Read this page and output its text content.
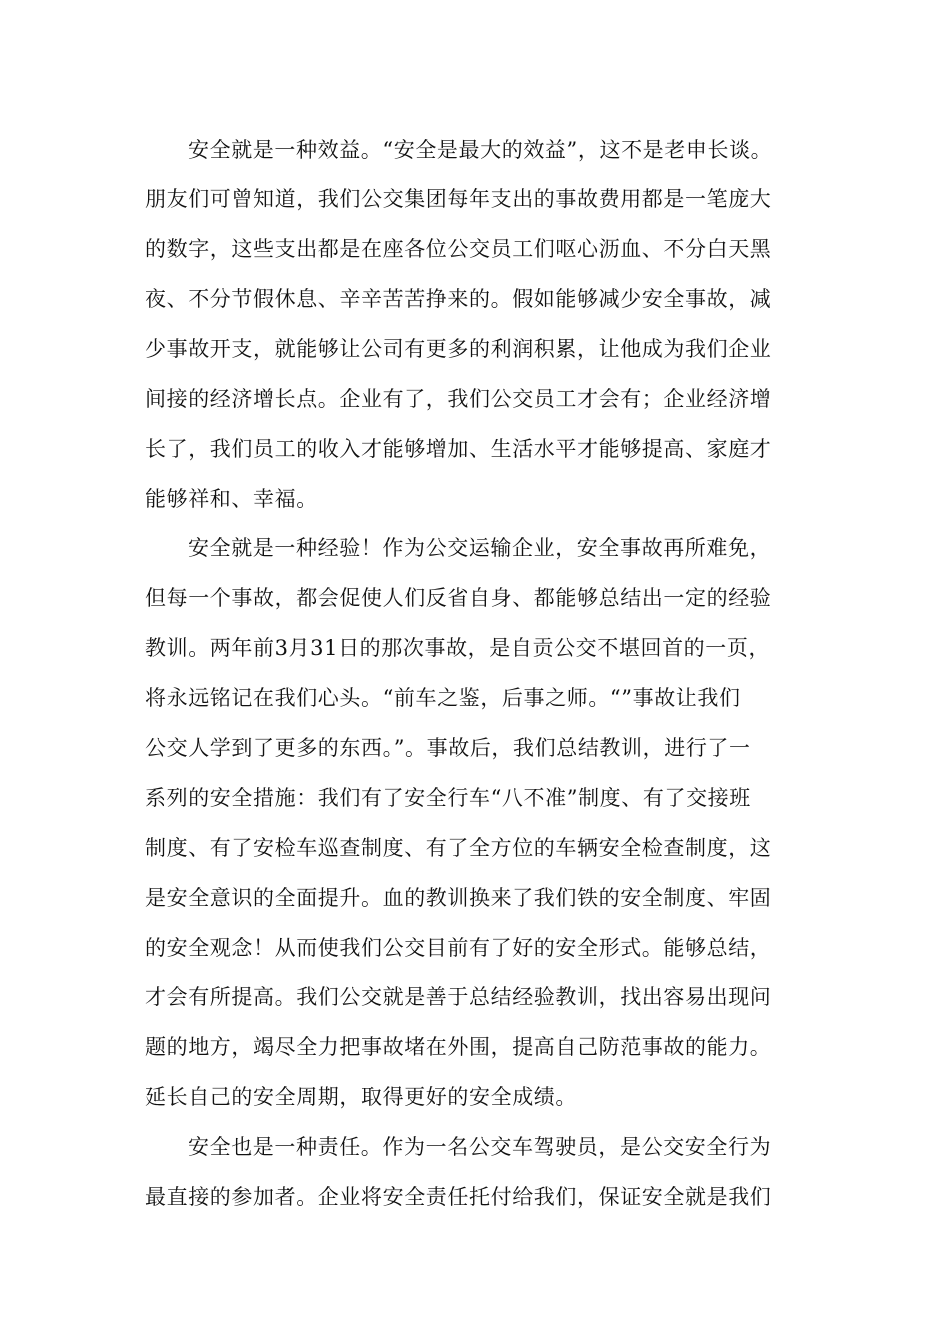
安全就是一种效益。“安全是最大的效益”，这不是老申长谈。
朋友们可曾知道，我们公交集团每年支出的事故费用都是一笔庞大
的数字，这些支出都是在座各位公交员工们呕心沥血、不分白天黑
夜、不分节假休息、辛辛苦苦挣来的。假如能够减少安全事故，减
少事故开支，就能够让公司有更多的利润积累，让他成为我们企业
间接的经济增长点。企业有了，我们公交员工才会有；企业经济增
长了，我们员工的收入才能够增加、生活水平才能够提高、家庭才
能够祥和、幸福。
安全就是一种经验！作为公交运输企业，安全事故再所难免，
但每一个事故，都会促使人们反省自身、都能够总结出一定的经验
教训。两年前3月31日的那次事故，是自贡公交不堪回首的一页，
将永远铭记在我们心头。“前车之鉴，后事之师。“”事故让我们
公交人学到了更多的东西。”。事故后，我们总结教训，进行了一
系列的安全措施：我们有了安全行车“八不准”制度、有了交接班
制度、有了安检车巡查制度、有了全方位的车辆安全检查制度，这
是安全意识的全面提升。血的教训换来了我们铁的安全制度、牢固
的安全观念！从而使我们公交目前有了好的安全形式。能够总结，
才会有所提高。我们公交就是善于总结经验教训，找出容易出现问
题的地方，竭尽全力把事故堵在外围，提高自己防范事故的能力。
延长自己的安全周期，取得更好的安全成绩。
安全也是一种责任。作为一名公交车驾驶员，是公交安全行为
最直接的参加者。企业将安全责任托付给我们，保证安全就是我们
